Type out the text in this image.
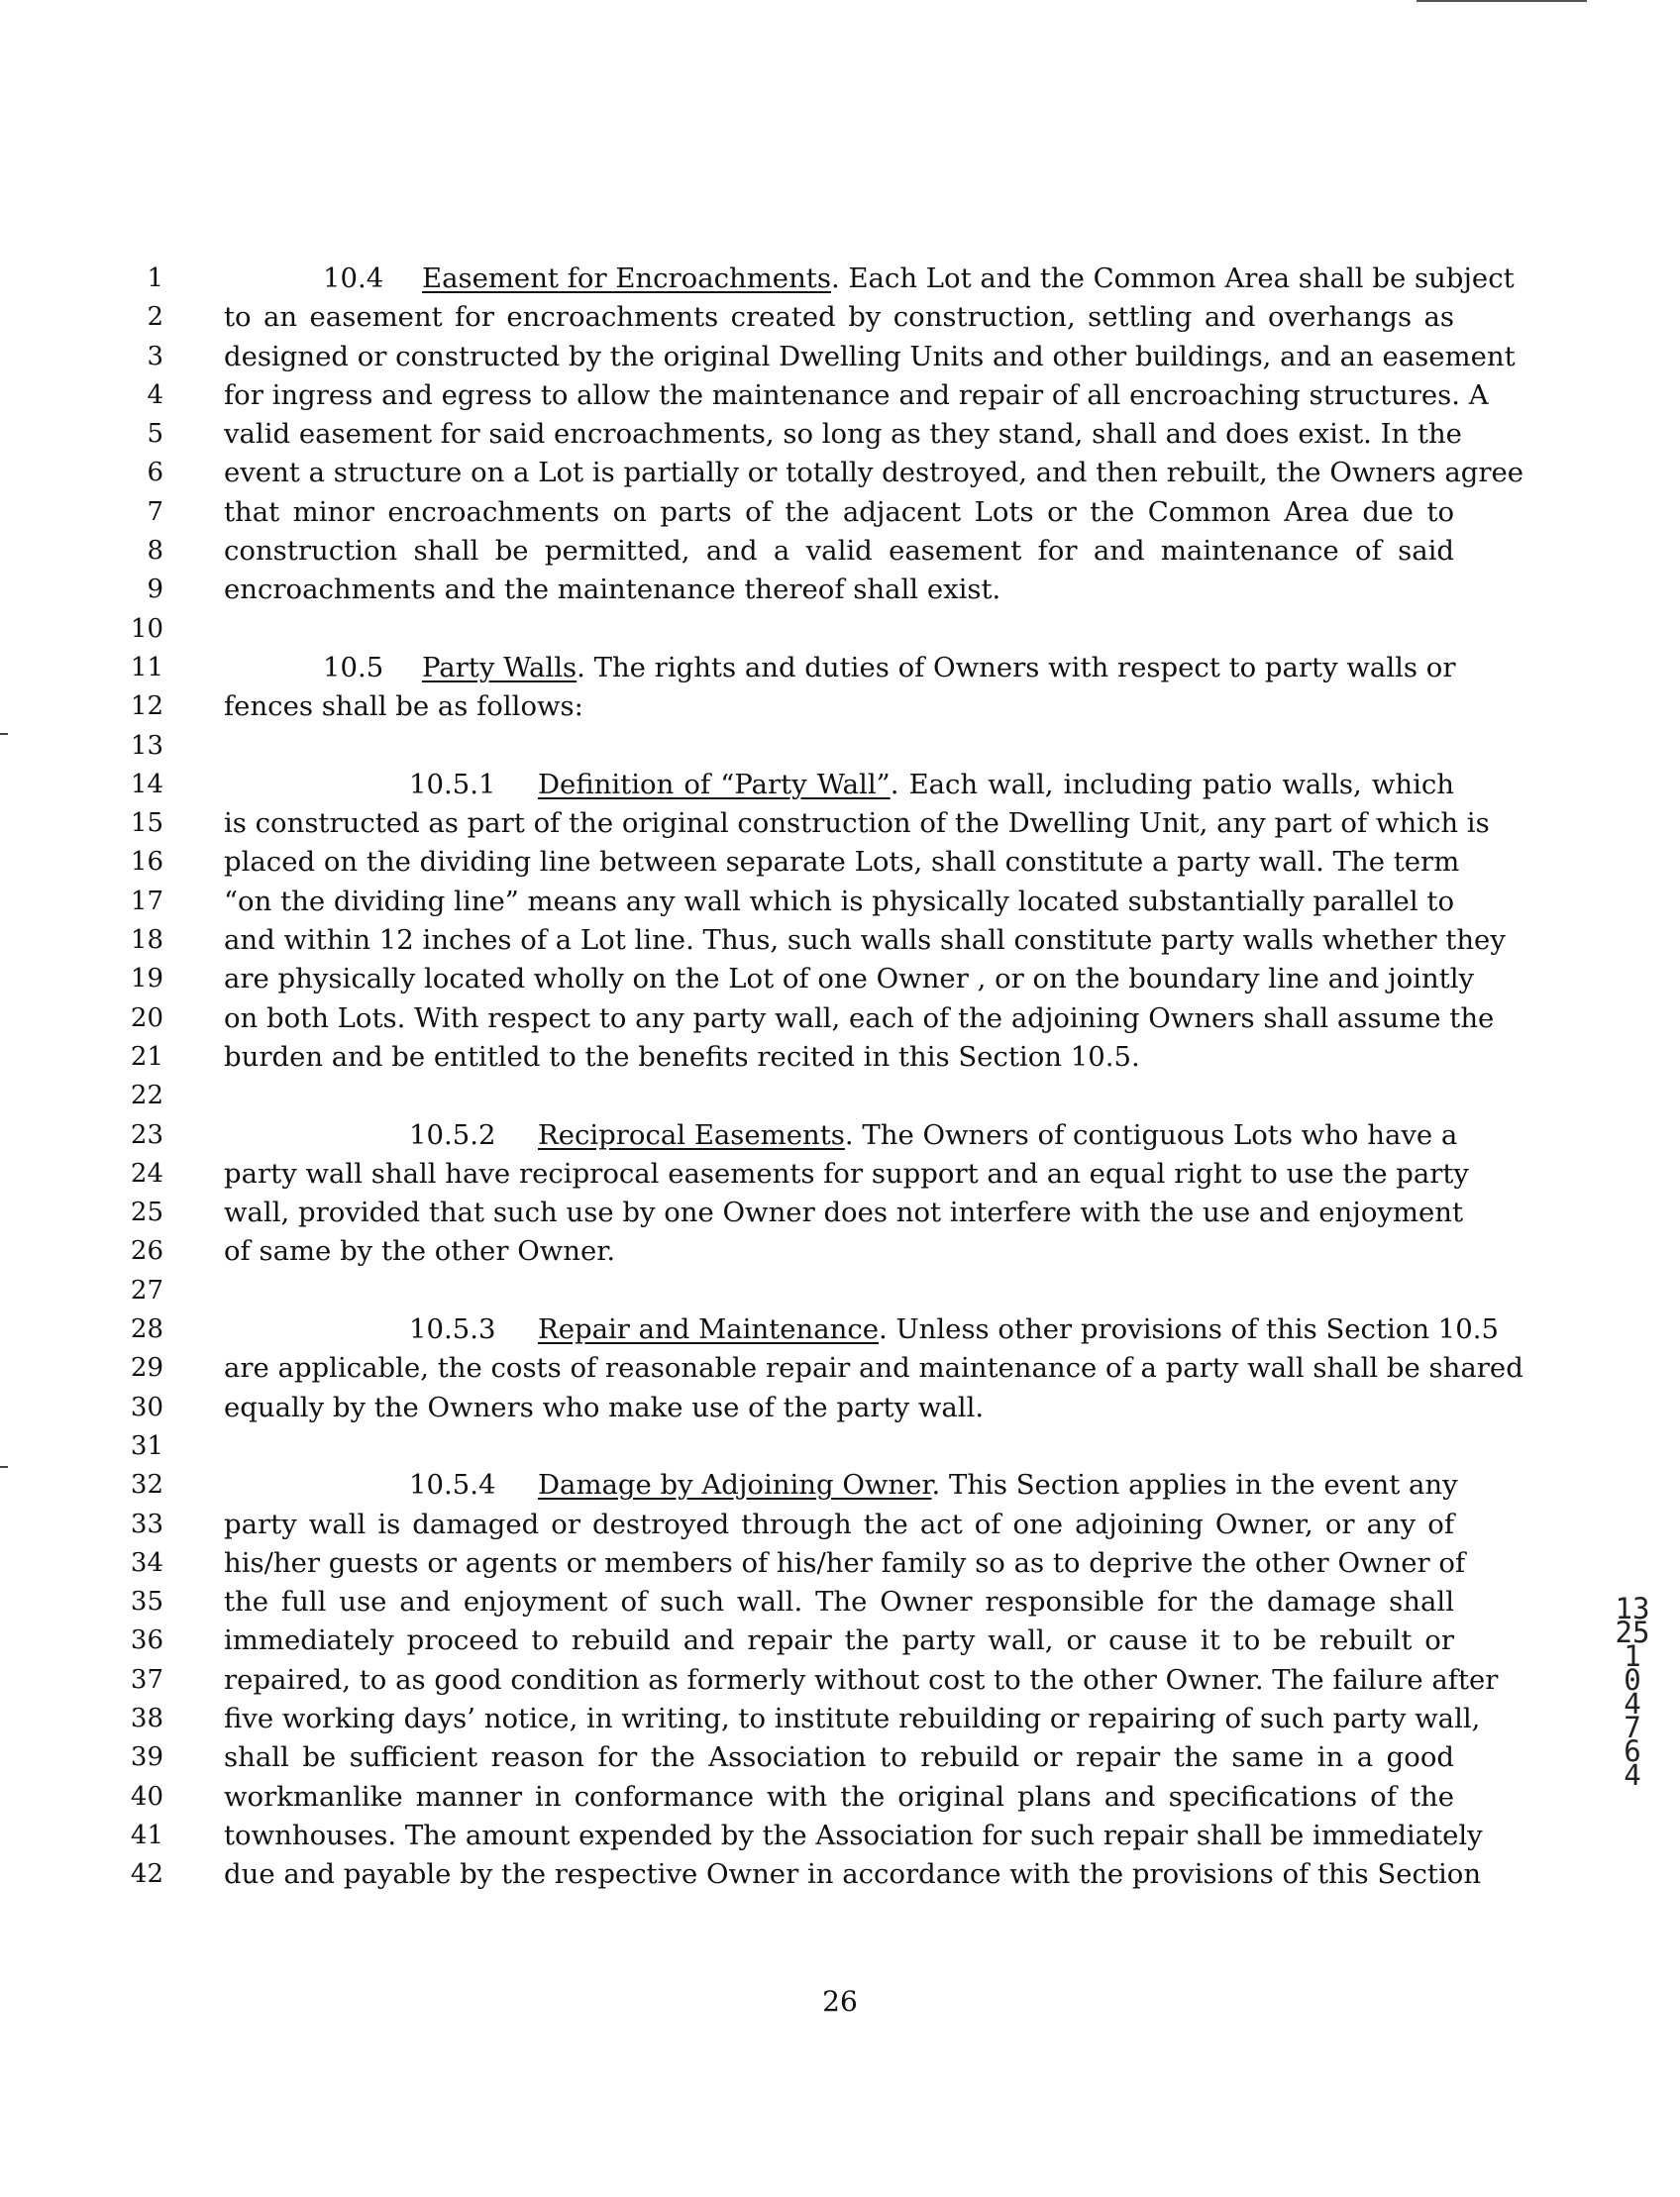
1	10.4 Easement for Encroachments. Each Lot and the Common Area shall be subject
2 to an easement for encroachments created by construction, settling and overhangs as
3 designed or constructed by the original Dwelling Units and other buildings, and an easement
4 for ingress and egress to allow the maintenance and repair of all encroaching structures. A
5 valid easement for said encroachments, so long as they stand, shall and does exist. In the
6 event a structure on a Lot is partially or totally destroyed, and then rebuilt, the Owners agree
7 that minor encroachments on parts of the adjacent Lots or the Common Area due to
8 construction shall be permitted, and a valid easement for and maintenance of said
9 encroachments and the maintenance thereof shall exist.
10
11	10.5 Party Walls. The rights and duties of Owners with respect to party walls or
12 fences shall be as follows:
13
14	10.5.1 Definition of “Party Wall”. Each wall, including patio walls, which
15 is constructed as part of the original construction of the Dwelling Unit, any part of which is
16 placed on the dividing line between separate Lots, shall constitute a party wall. The term
17 “on the dividing line” means any wall which is physically located substantially parallel to
18 and within 12 inches of a Lot line. Thus, such walls shall constitute party walls whether they
19 are physically located wholly on the Lot of one Owner , or on the boundary line and jointly
20 on both Lots. With respect to any party wall, each of the adjoining Owners shall assume the
21 burden and be entitled to the benefits recited in this Section 10.5.
22
23	10.5.2 Reciprocal Easements. The Owners of contiguous Lots who have a
24 party wall shall have reciprocal easements for support and an equal right to use the party
25 wall, provided that such use by one Owner does not interfere with the use and enjoyment
26 of same by the other Owner.
27
28	10.5.3 Repair and Maintenance. Unless other provisions of this Section 10.5
29 are applicable, the costs of reasonable repair and maintenance of a party wall shall be shared
30 equally by the Owners who make use of the party wall.
31
32	10.5.4 Damage by Adjoining Owner. This Section applies in the event any
33 party wall is damaged or destroyed through the act of one adjoining Owner, or any of
34 his/her guests or agents or members of his/her family so as to deprive the other Owner of
35 the full use and enjoyment of such wall. The Owner responsible for the damage shall
36 immediately proceed to rebuild and repair the party wall, or cause it to be rebuilt or
37 repaired, to as good condition as formerly without cost to the other Owner. The failure after
38 five working days’ notice, in writing, to institute rebuilding or repairing of such party wall,
39 shall be sufficient reason for the Association to rebuild or repair the same in a good
40 workmanlike manner in conformance with the original plans and specifications of the
41 townhouses. The amount expended by the Association for such repair shall be immediately
42 due and payable by the respective Owner in accordance with the provisions of this Section
1325 1 0 4 7 6 4
26
